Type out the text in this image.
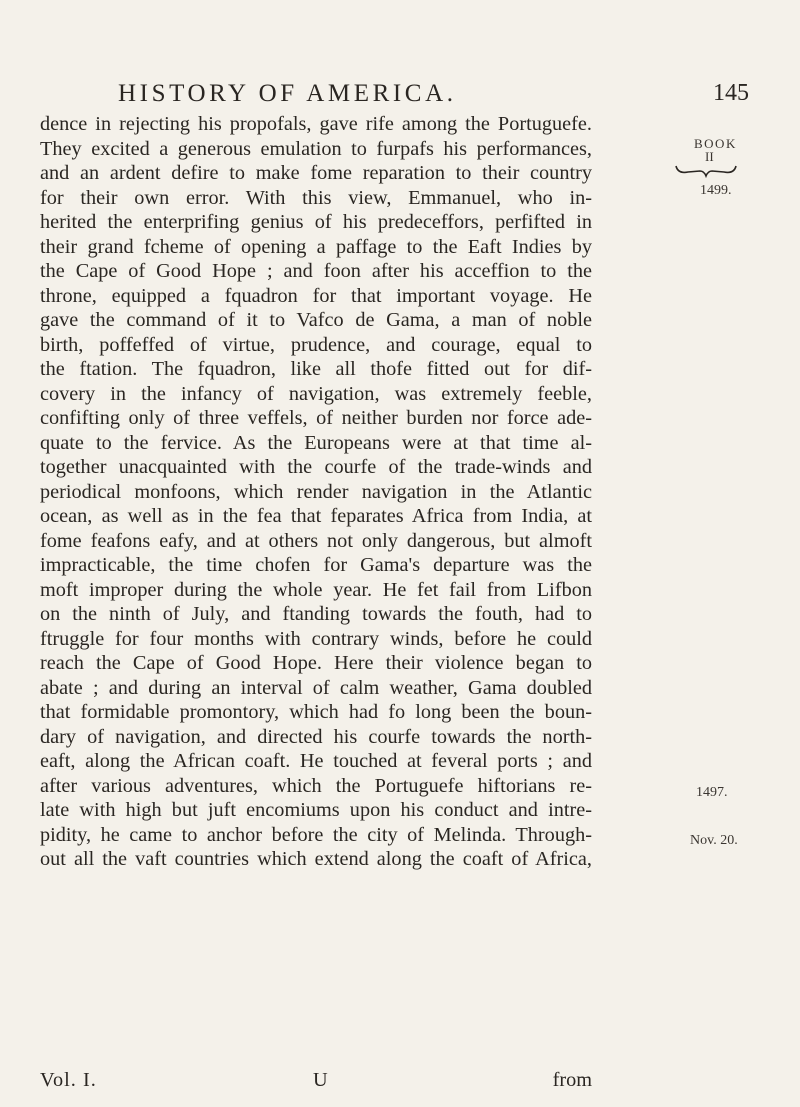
HISTORY OF AMERICA.	145
BOOK
II
1499.
dence in rejecting his propofals, gave rife among the Portuguefe.
They excited a generous emulation to furpafs his performances,
and an ardent defire to make fome reparation to their country
for their own error. With this view, Emmanuel, who in-
herited the enterprifing genius of his predeceffors, perfifted in
their grand fcheme of opening a paffage to the Eaft Indies by
the Cape of Good Hope ; and foon after his acceffion to the
throne, equipped a fquadron for that important voyage. He
gave the command of it to Vafco de Gama, a man of noble
birth, poffeffed of virtue, prudence, and courage, equal to
the ftation. The fquadron, like all thofe fitted out for dif-
covery in the infancy of navigation, was extremely feeble,
confifting only of three veffels, of neither burden nor force ade-
quate to the fervice. As the Europeans were at that time al-
together unacquainted with the courfe of the trade-winds and
periodical monfoons, which render navigation in the Atlantic
ocean, as well as in the fea that feparates Africa from India, at
fome feafons eafy, and at others not only dangerous, but almoft
impracticable, the time chofen for Gama's departure was the
moft improper during the whole year. He fet fail from Lifbon
on the ninth of July, and ftanding towards the fouth, had to
ftruggle for four months with contrary winds, before he could
reach the Cape of Good Hope. Here their violence began to
abate ; and during an interval of calm weather, Gama doubled
that formidable promontory, which had fo long been the boun-
dary of navigation, and directed his courfe towards the north-
eaft, along the African coaft. He touched at feveral ports ; and
after various adventures, which the Portuguefe hiftorians re-
late with high but juft encomiums upon his conduct and intre-
pidity, he came to anchor before the city of Melinda. Through-
out all the vaft countries which extend along the coaft of Africa,
1497.
Nov. 20.
Vol. I.	U	from
